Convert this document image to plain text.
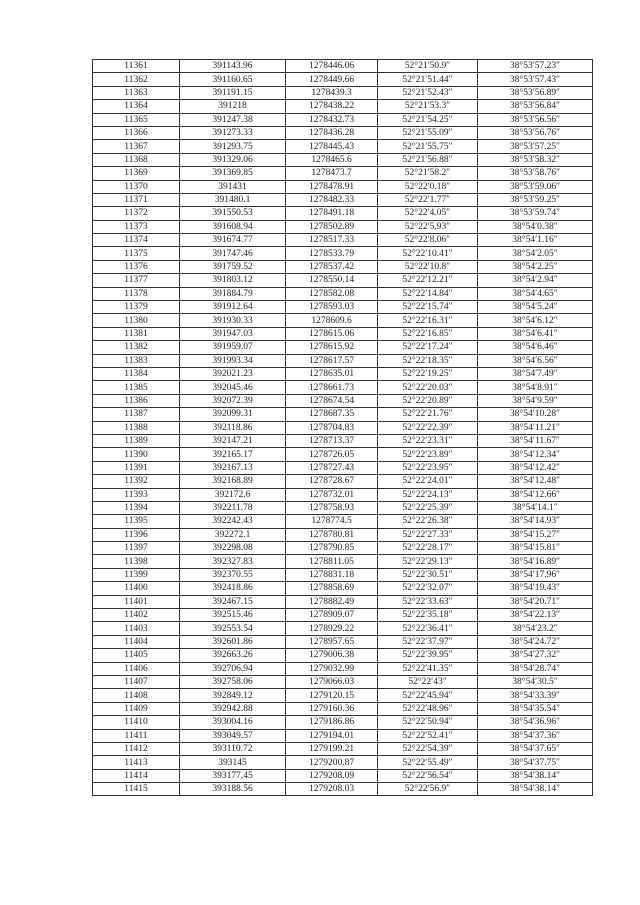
11361	391143.96	1278446.06	52°21′50.9″	38°53′57.23″
11362	391160.65	1278449.66	52°21′51.44″	38°53′57.43″
11363	391191.15	1278439.3	52°21′52.43″	38°53′56.89″
11364	391218	1278438.22	52°21′53.3″	38°53′56.84″
11365	391247.38	1278432.73	52°21′54.25″	38°53′56.56″
11366	391273.33	1278436.28	52°21′55.09″	38°53′56.76″
11367	391293.75	1278445.43	52°21′55.75″	38°53′57.25″
11368	391329.06	1278465.6	52°21′56.88″	38°53′58.32″
11369	391369.85	1278473.7	52°21′58.2″	38°53′58.76″
11370	391431	1278478.91	52°22′0.18″	38°53′59.06″
11371	391480.1	1278482.33	52°22′1.77″	38°53′59.25″
11372	391550.53	1278491.18	52°22′4.05″	38°53′59.74″
11373	391608.94	1278502.89	52°22′5.93″	38°54′0.38″
11374	391674.77	1278517.33	52°22′8.06″	38°54′1.16″
11375	391747.46	1278533.79	52°22′10.41″	38°54′2.05″
11376	391759.52	1278537.42	52°22′10.8″	38°54′2.25″
11377	391803.12	1278550.14	52°22′12.21″	38°54′2.94″
11378	391884.79	1278582.08	52°22′14.84″	38°54′4.65″
11379	391912.64	1278593.03	52°22′15.74″	38°54′5.24″
11380	391930.33	1278609.6	52°22′16.31″	38°54′6.12″
11381	391947.03	1278615.06	52°22′16.85″	38°54′6.41″
11382	391959.07	1278615.92	52°22′17.24″	38°54′6.46″
11383	391993.34	1278617.57	52°22′18.35″	38°54′6.56″
11384	392021.23	1278635.01	52°22′19.25″	38°54′7.49″
11385	392045.46	1278661.73	52°22′20.03″	38°54′8.91″
11386	392072.39	1278674.54	52°22′20.89″	38°54′9.59″
11387	392099.31	1278687.35	52°22′21.76″	38°54′10.28″
11388	392118.86	1278704.83	52°22′22.39″	38°54′11.21″
11389	392147.21	1278713.37	52°22′23.31″	38°54′11.67″
11390	392165.17	1278726.05	52°22′23.89″	38°54′12.34″
11391	392167.13	1278727.43	52°22′23.95″	38°54′12.42″
11392	392168.89	1278728.67	52°22′24.01″	38°54′12.48″
11393	392172.6	1278732.01	52°22′24.13″	38°54′12.66″
11394	392211.78	1278758.93	52°22′25.39″	38°54′14.1″
11395	392242.43	1278774.5	52°22′26.38″	38°54′14.93″
11396	392272.1	1278780.81	52°22′27.33″	38°54′15.27″
11397	392298.08	1278790.85	52°22′28.17″	38°54′15.81″
11398	392327.83	1278811.05	52°22′29.13″	38°54′16.89″
11399	392370.55	1278831.18	52°22′30.51″	38°54′17.96″
11400	392418.86	1278858.69	52°22′32.07″	38°54′19.43″
11401	392467.15	1278882.49	52°22′33.63″	38°54′20.71″
11402	392515.46	1278909.07	52°22′35.18″	38°54′22.13″
11403	392553.54	1278929.22	52°22′36.41″	38°54′23.2″
11404	392601.86	1278957.65	52°22′37.97″	38°54′24.72″
11405	392663.26	1279006.38	52°22′39.95″	38°54′27.32″
11406	392706.94	1279032.99	52°22′41.35″	38°54′28.74″
11407	392758.06	1279066.03	52°22′43″	38°54′30.5″
11408	392849.12	1279120.15	52°22′45.94″	38°54′33.39″
11409	392942.88	1279160.36	52°22′48.96″	38°54′35.54″
11410	393004.16	1279186.86	52°22′50.94″	38°54′36.96″
11411	393049.57	1279194.01	52°22′52.41″	38°54′37.36″
11412	393110.72	1279199.21	52°22′54.39″	38°54′37.65″
11413	393145	1279200.87	52°22′55.49″	38°54′37.75″
11414	393177.45	1279208.09	52°22′56.54″	38°54′38.14″
11415	393188.56	1279208.03	52°22′56.9″	38°54′38.14″
